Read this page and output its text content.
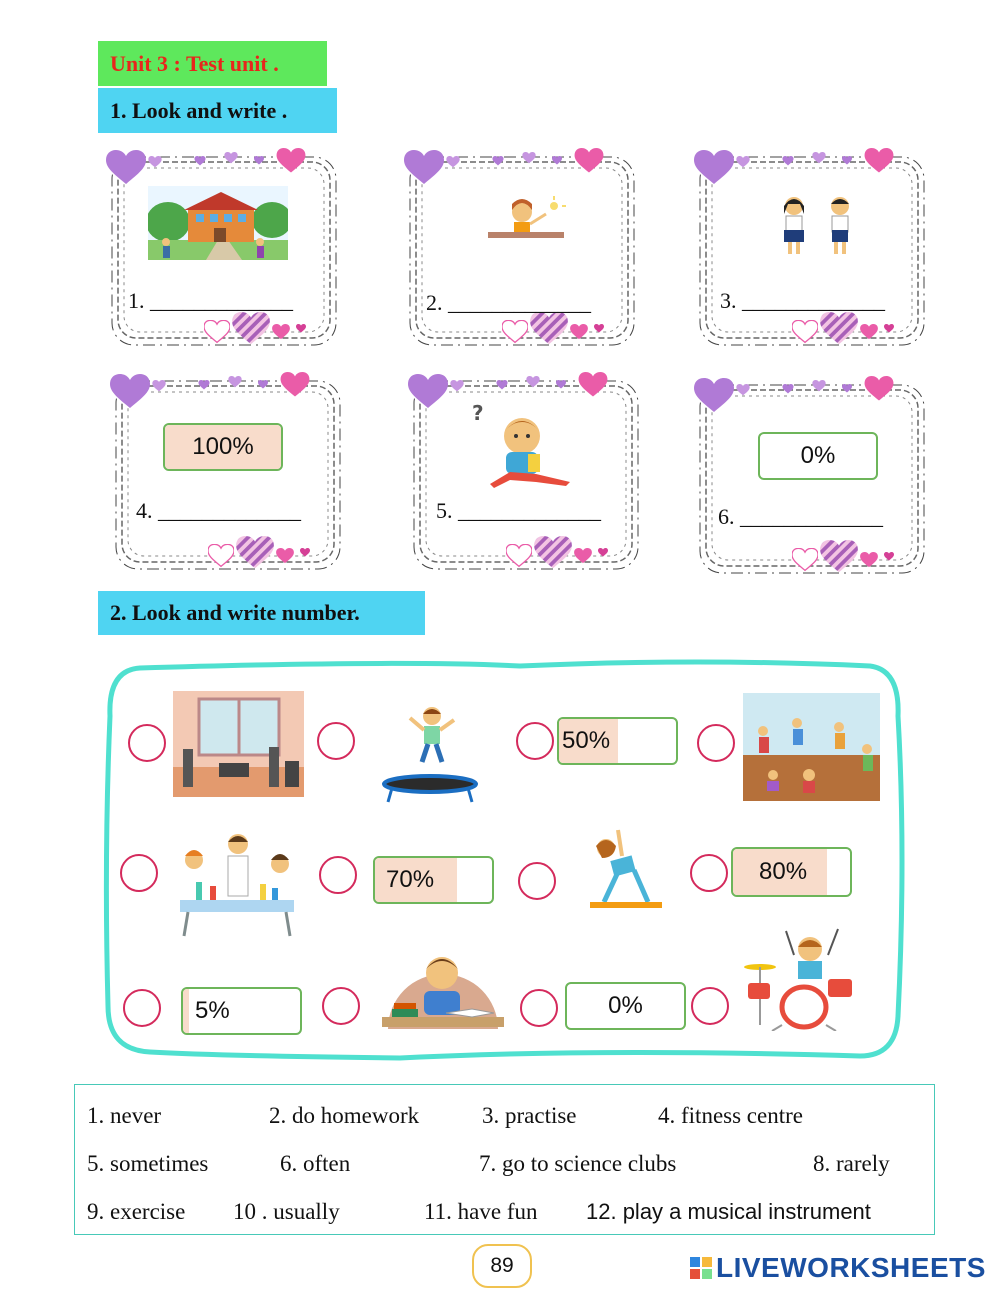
Unit 3 : Test unit .
1. Look and write .
1. _____________	2. _____________	3. _____________
100%
4. _____________
?
5. _____________
0%
6. _____________
2. Look and write number.
50%
70%	80%
5%	0%
1. never	2. do homework	3. practise	4. fitness centre
5. sometimes	6. often	7. go to science clubs	8. rarely
9. exercise 10 . usually	11. have fun 12. play a musical instrument
89	LIVEWORKSHEETS
